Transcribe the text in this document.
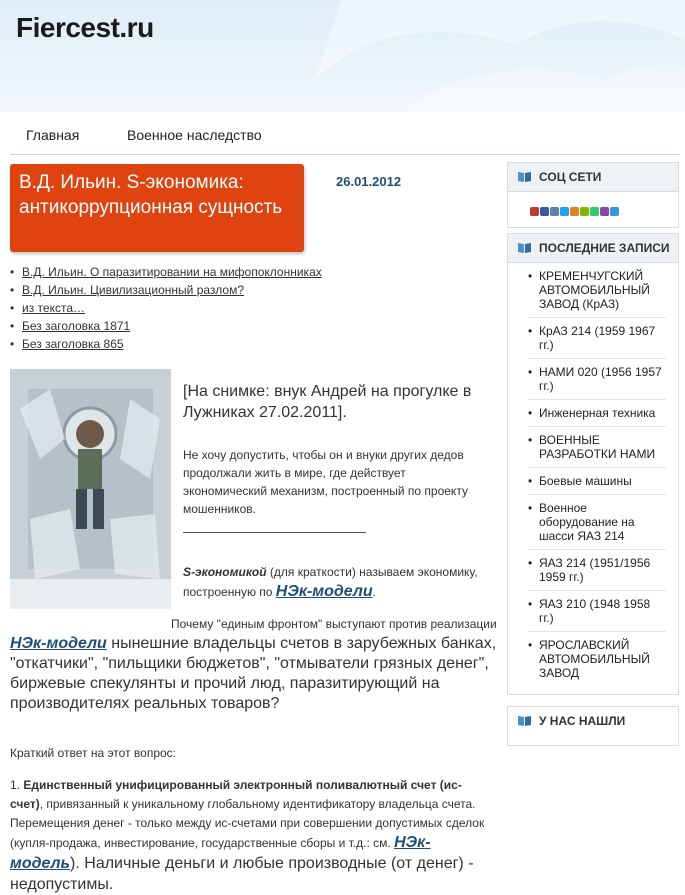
Fiercest.ru
Главная	Военное наследство
В.Д. Ильин. S-экономика: антикоррупционная сущность
26.01.2012
• В.Д. Ильин. О паразитировании на мифопоклонниках
• В.Д. Ильин. Цивилизационный разлом?
• из текста…
• Без заголовка 1871
• Без заголовка 865
[На снимке: внук Андрей на прогулке в Лужниках 27.02.2011].
Не хочу допустить, чтобы он и внуки других дедов продолжали жить в мире, где действует экономический механизм, построенный по проекту мошенников.
S-экономикой (для краткости) называем экономику, построенную по НЭк-модели.
Почему "единым фронтом" выступают против реализации НЭк-модели нынешние владельцы счетов в зарубежных банках, "откатчики", "пильщики бюджетов", "отмыватели грязных денег", биржевые спекулянты и прочий люд, паразитирующий на производителях реальных товаров?
Краткий ответ на этот вопрос:
1. Единственный унифицированный электронный поливалютный счет (ис-счет), привязанный к уникальному глобальному идентификатору владельца счета. Перемещения денег - только между ис-счетами при совершении допустимых сделок (купля-продажа, инвестирование, государственные сборы и т.д.: см. НЭк-модель). Наличные деньги и любые производные (от денег) - недопустимы.
СОЦ СЕТИ
ПОСЛЕДНИЕ ЗАПИСИ
• КРЕМЕНЧУГСКИЙ АВТОМОБИЛЬНЫЙ ЗАВОД (КрАЗ)
• КрАЗ 214 (1959 1967 гг.)
• НАМИ 020 (1956 1957 гг.)
• Инженерная техника
• ВОЕННЫЕ РАЗРАБОТКИ НАМИ
• Боевые машины
• Военное оборудование на шасси ЯАЗ 214
• ЯАЗ 214 (1951/1956 1959 гг.)
• ЯАЗ 210 (1948 1958 гг.)
• ЯРОСЛАВСКИЙ АВТОМОБИЛЬНЫЙ ЗАВОД
У НАС НАШЛИ
